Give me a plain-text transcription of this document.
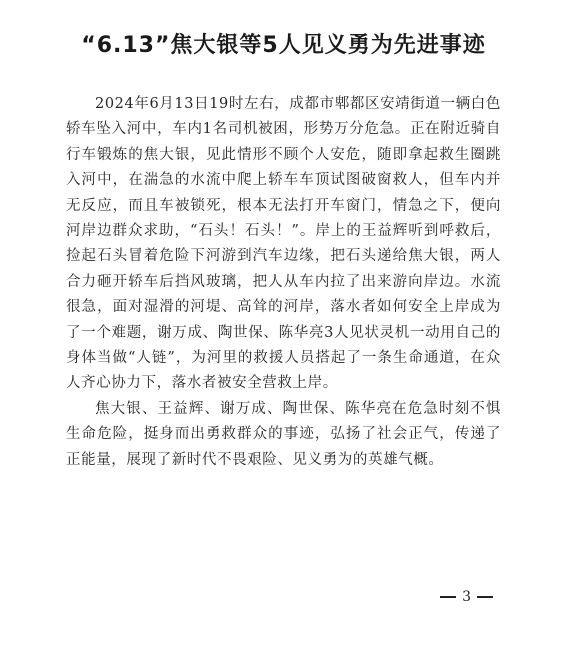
“6.13”焦大银等5人见义勇为先进事迹

2024年6月13日19时左右，成都市郫都区安靖街道一辆白色轿车坠入河中，车内1名司机被困，形势万分危急。正在附近骑自行车锻炼的焦大银，见此情形不顾个人安危，随即拿起救生圈跳入河中，在湍急的水流中爬上轿车车顶试图破窗救人，但车内并无反应，而且车被锁死，根本无法打开车窗门，情急之下，便向河岸边群众求助，“石头！石头！”。岸上的王益辉听到呼救后，捡起石头冒着危险下河游到汽车边缘，把石头递给焦大银，两人合力砸开轿车后挡风玻璃，把人从车内拉了出来游向岸边。水流很急，面对湿滑的河堤、高耸的河岸，落水者如何安全上岸成为了一个难题，谢万成、陶世保、陈华亮3人见状灵机一动用自己的身体当做“人链”，为河里的救援人员搭起了一条生命通道，在众人齐心协力下，落水者被安全营救上岸。

焦大银、王益辉、谢万成、陶世保、陈华亮在危急时刻不惧生命危险，挺身而出勇救群众的事迹，弘扬了社会正气，传递了正能量，展现了新时代不畏艰险、见义勇为的英雄气概。

3
